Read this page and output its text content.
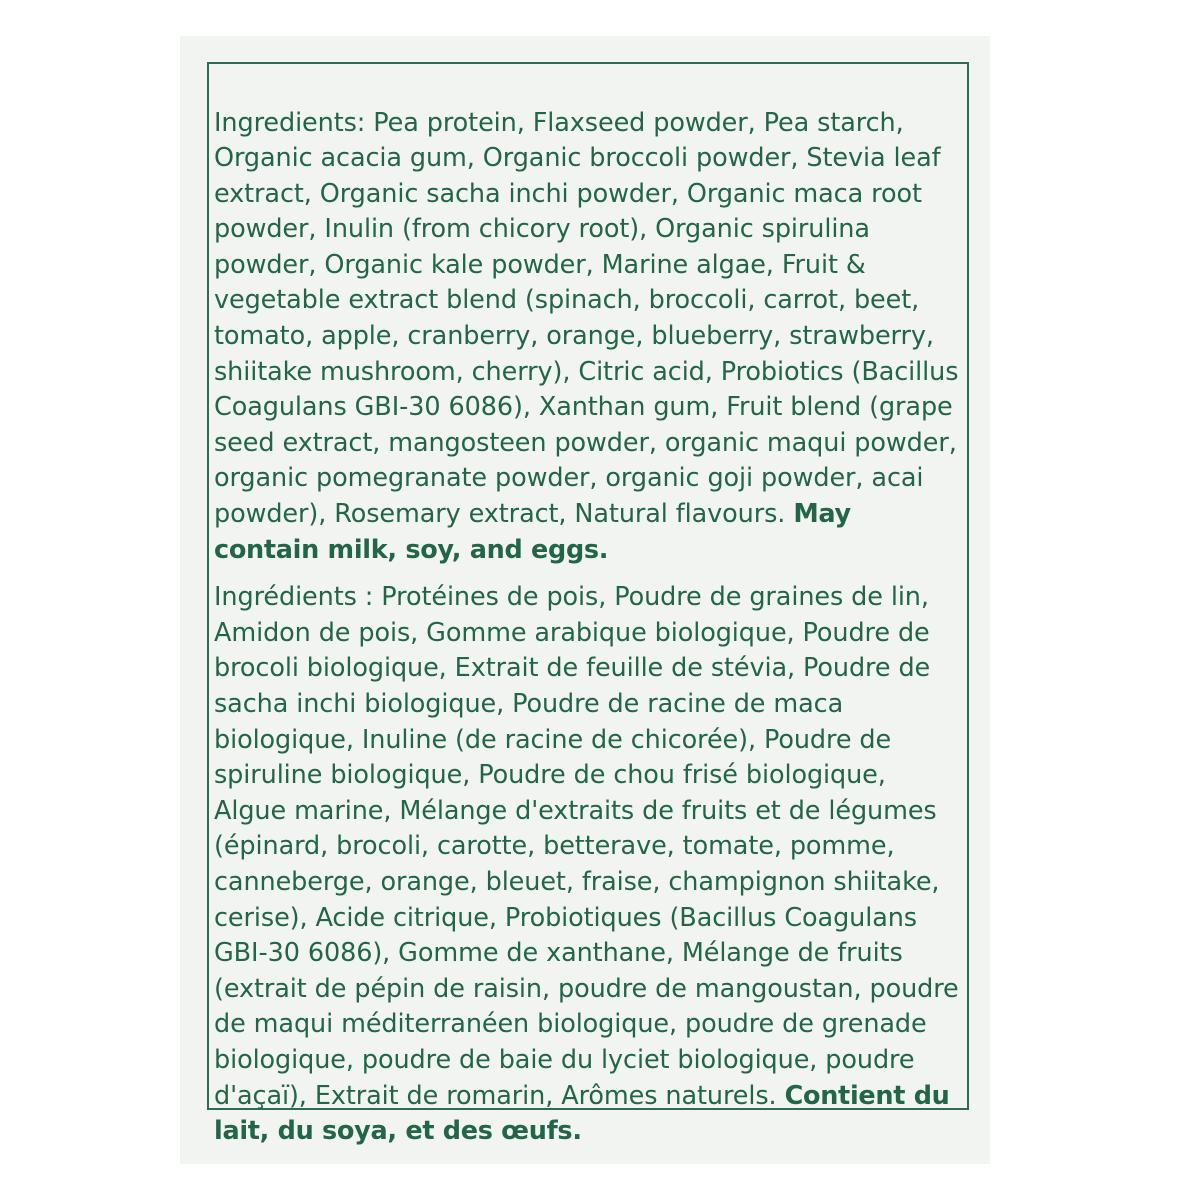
Ingredients: Pea protein, Flaxseed powder, Pea starch, Organic acacia gum, Organic broccoli powder, Stevia leaf extract, Organic sacha inchi powder, Organic maca root powder, Inulin (from chicory root), Organic spirulina powder, Organic kale powder, Marine algae, Fruit & vegetable extract blend (spinach, broccoli, carrot, beet, tomato, apple, cranberry, orange, blueberry, strawberry, shiitake mushroom, cherry), Citric acid, Probiotics (Bacillus Coagulans GBI-30 6086), Xanthan gum, Fruit blend (grape seed extract, mangosteen powder, organic maqui powder, organic pomegranate powder, organic goji powder, acai powder), Rosemary extract, Natural flavours. May contain milk, soy, and eggs.

Ingrédients : Protéines de pois, Poudre de graines de lin, Amidon de pois, Gomme arabique biologique, Poudre de brocoli biologique, Extrait de feuille de stévia, Poudre de sacha inchi biologique, Poudre de racine de maca biologique, Inuline (de racine de chicorée), Poudre de spiruline biologique, Poudre de chou frisé biologique, Algue marine, Mélange d'extraits de fruits et de légumes (épinard, brocoli, carotte, betterave, tomate, pomme, canneberge, orange, bleuet, fraise, champignon shiitake, cerise), Acide citrique, Probiotiques (Bacillus Coagulans GBI-30 6086), Gomme de xanthane, Mélange de fruits (extrait de pépin de raisin, poudre de mangoustan, poudre de maqui méditerranéen biologique, poudre de grenade biologique, poudre de baie du lyciet biologique, poudre d'açaï), Extrait de romarin, Arômes naturels. Contient du lait, du soya, et des œufs.
